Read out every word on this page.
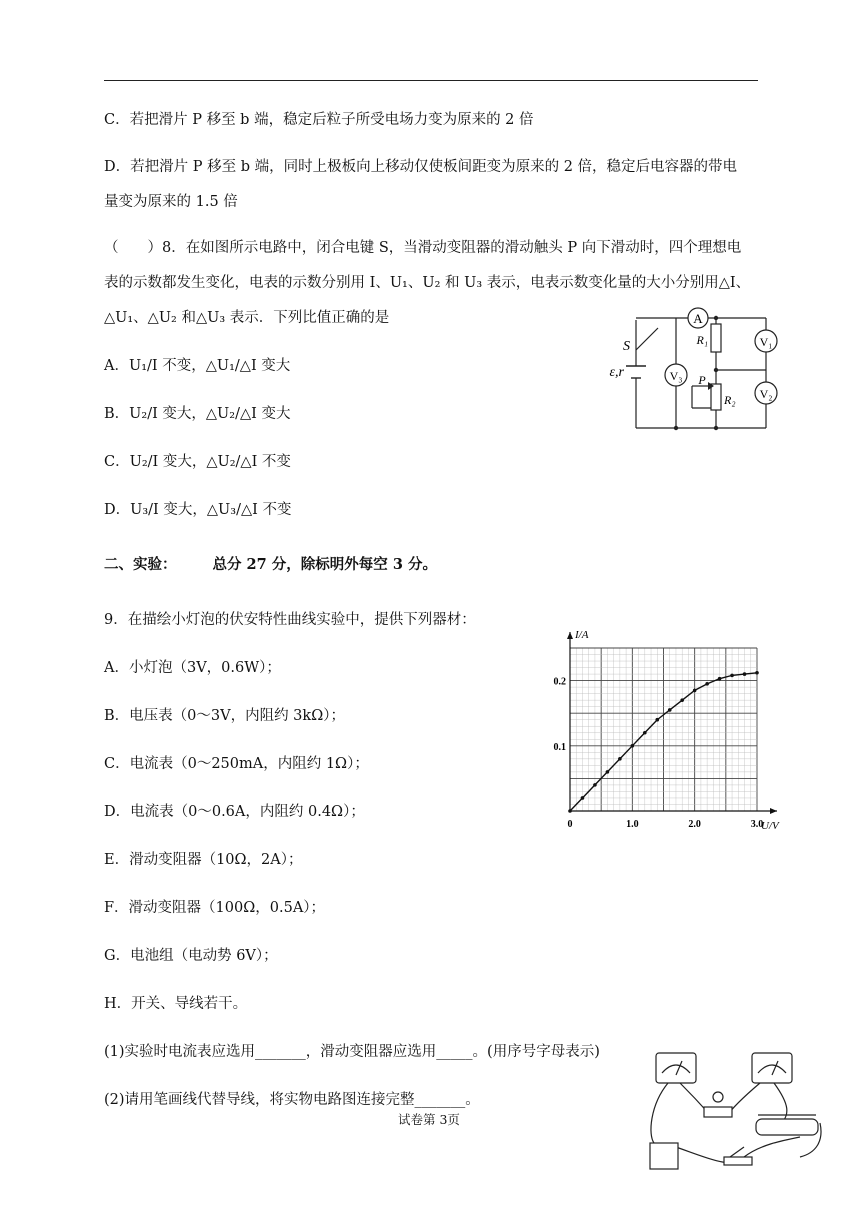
C．若把滑片 P 移至 b 端，稳定后粒子所受电场力变为原来的 2 倍
D．若把滑片 P 移至 b 端，同时上极板向上移动仅使板间距变为原来的 2 倍，稳定后电容器的带电
量变为原来的 1.5 倍
（　　）8．在如图所示电路中，闭合电键 S，当滑动变阻器的滑动触头 P 向下滑动时，四个理想电
表的示数都发生变化，电表的示数分别用 I、U₁、U₂ 和 U₃ 表示，电表示数变化量的大小分别用△I、
△U₁、△U₂ 和△U₃ 表示．下列比值正确的是
A．U₁/I 不变，△U₁/△I 变大
B．U₂/I 变大，△U₂/△I 变大
C．U₂/I 变大，△U₂/△I 不变
D．U₃/I 变大，△U₃/△I 不变
A
V₁
V₂
V₃
S
ε,r
R₁
R₂
P
二、实验： 总分 27 分，除标明外每空 3 分。
9．在描绘小灯泡的伏安特性曲线实验中，提供下列器材：
A．小灯泡（3V，0.6W）；
B．电压表（0～3V，内阻约 3kΩ）；
C．电流表（0～250mA，内阻约 1Ω）；
D．电流表（0～0.6A，内阻约 0.4Ω）；
E．滑动变阻器（10Ω，2A）；
F．滑动变阻器（100Ω，0.5A）；
G．电池组（电动势 6V）；
H．开关、导线若干。
(1)实验时电流表应选用_______，滑动变阻器应选用_____。(用序号字母表示)
(2)请用笔画线代替导线，将实物电路图连接完整_______。
0	1.0	2.0	3.0
0.1
0.2
I/A
U/V
试卷第 3页
